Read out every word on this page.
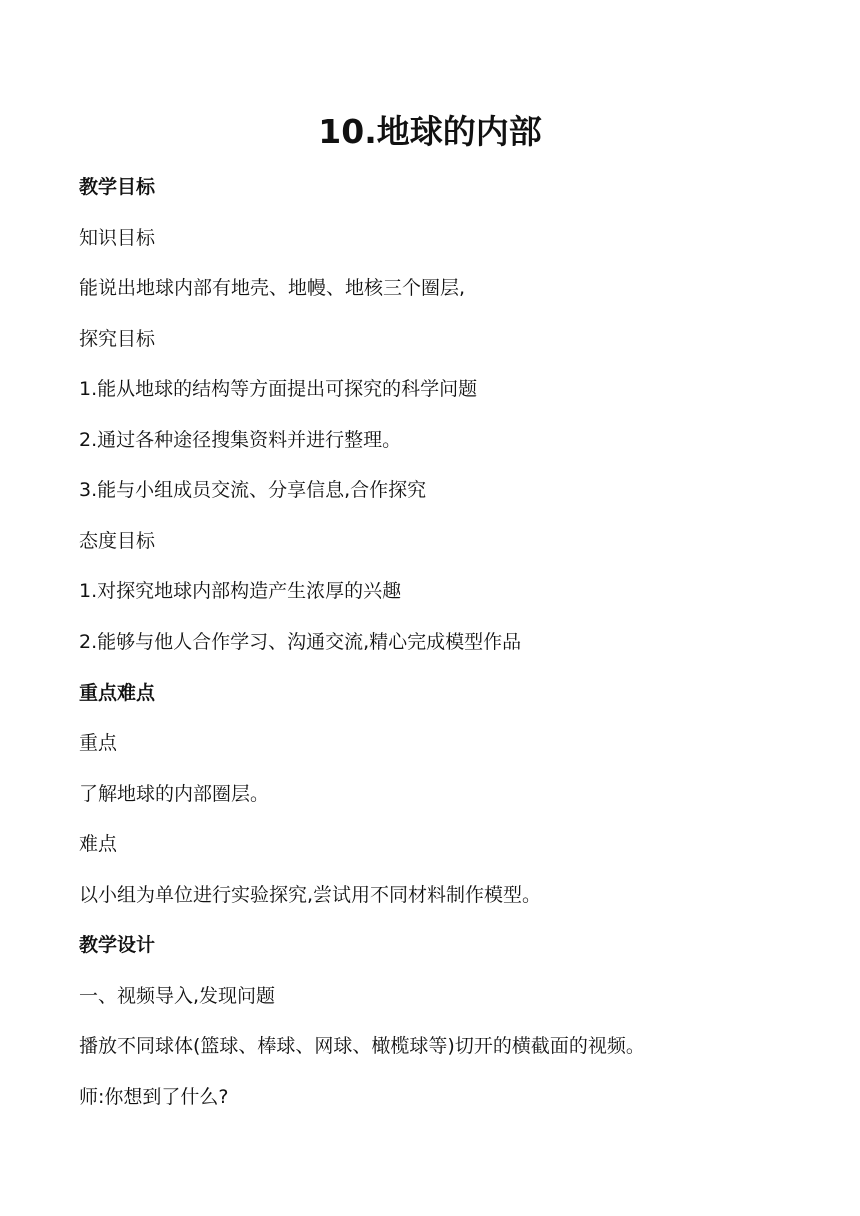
10.地球的内部
教学目标
知识目标
能说出地球内部有地壳、地幔、地核三个圈层,
探究目标
1.能从地球的结构等方面提出可探究的科学问题
2.通过各种途径搜集资料并进行整理。
3.能与小组成员交流、分享信息,合作探究
态度目标
1.对探究地球内部构造产生浓厚的兴趣
2.能够与他人合作学习、沟通交流,精心完成模型作品
重点难点
重点
了解地球的内部圈层。
难点
以小组为单位进行实验探究,尝试用不同材料制作模型。
教学设计
一、视频导入,发现问题
播放不同球体(篮球、棒球、网球、橄榄球等)切开的横截面的视频。
师:你想到了什么?
